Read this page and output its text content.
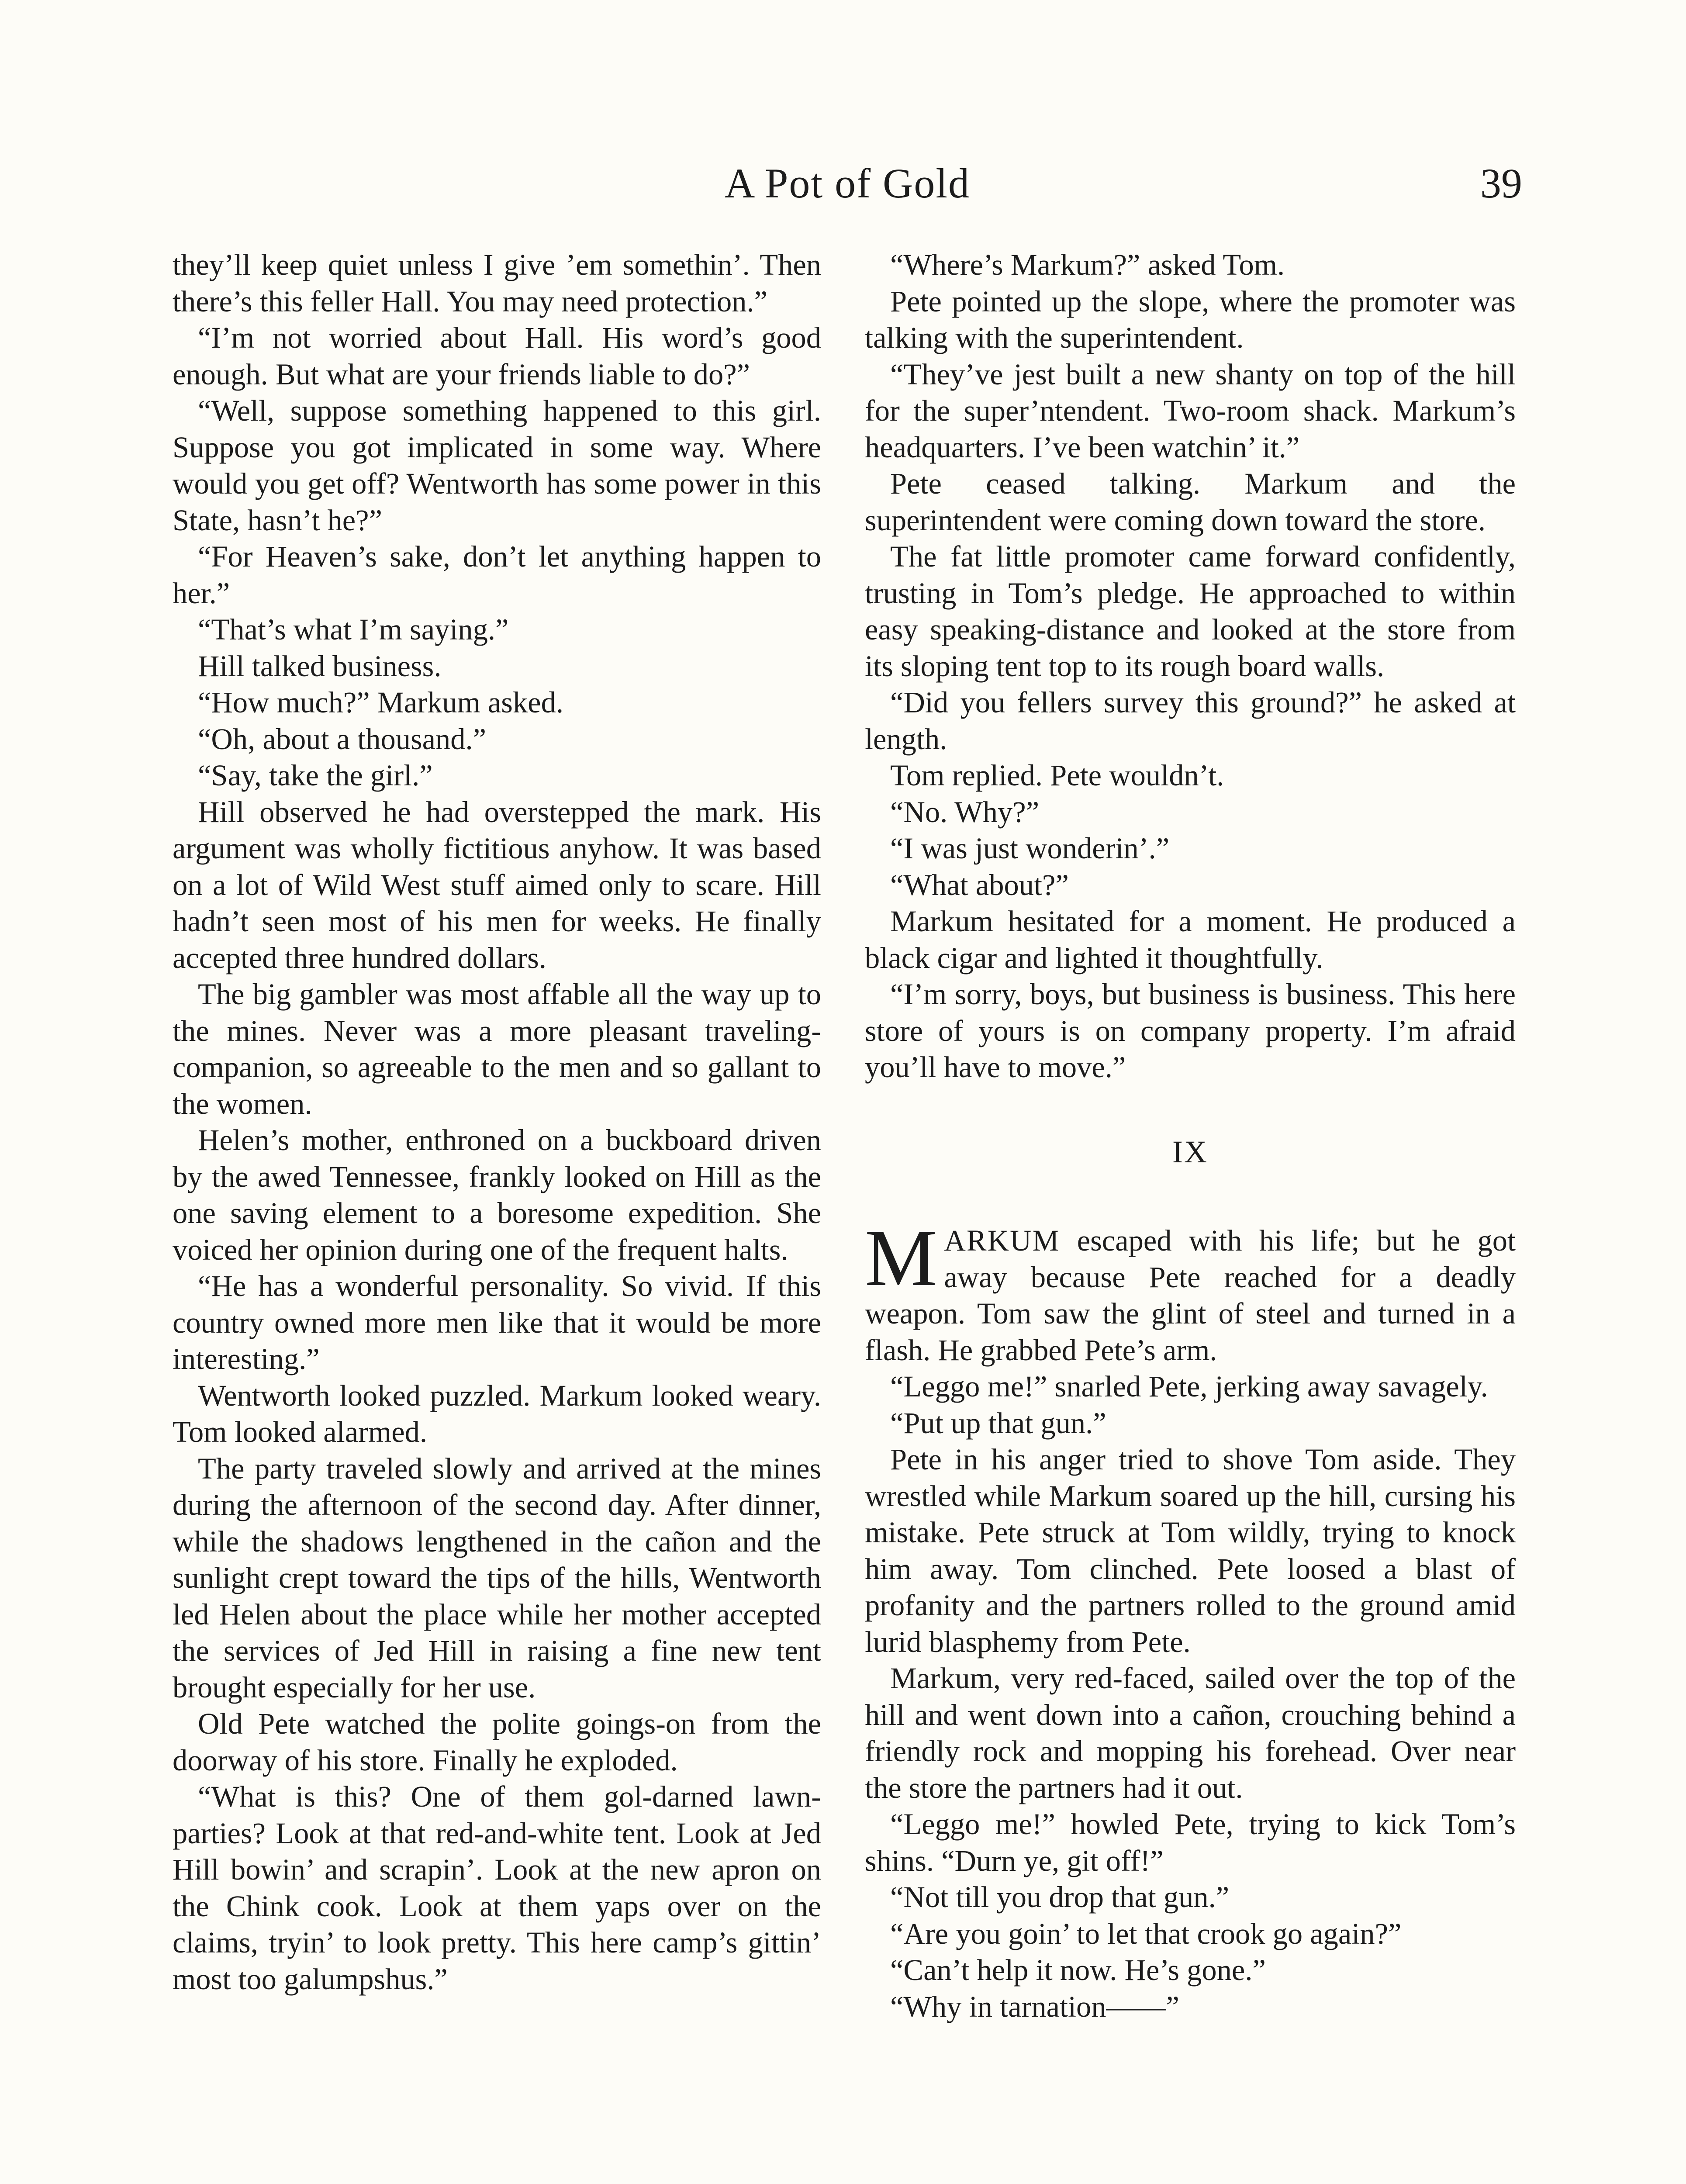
A Pot of Gold	39

they’ll keep quiet unless I give ’em somethin’. Then there’s this feller Hall. You may need protection.”

“I’m not worried about Hall. His word’s good enough. But what are your friends liable to do?”

“Well, suppose something happened to this girl. Suppose you got implicated in some way. Where would you get off? Wentworth has some power in this State, hasn’t he?”

“For Heaven’s sake, don’t let anything happen to her.”

“That’s what I’m saying.”

Hill talked business.

“How much?” Markum asked.

“Oh, about a thousand.”

“Say, take the girl.”

Hill observed he had overstepped the mark. His argument was wholly fictitious anyhow. It was based on a lot of Wild West stuff aimed only to scare. Hill hadn’t seen most of his men for weeks. He finally accepted three hundred dollars.

The big gambler was most affable all the way up to the mines. Never was a more pleasant traveling-companion, so agreeable to the men and so gallant to the women.

Helen’s mother, enthroned on a buckboard driven by the awed Tennessee, frankly looked on Hill as the one saving element to a boresome expedition. She voiced her opinion during one of the frequent halts.

“He has a wonderful personality. So vivid. If this country owned more men like that it would be more interesting.”

Wentworth looked puzzled. Markum looked weary. Tom looked alarmed.

The party traveled slowly and arrived at the mines during the afternoon of the second day. After dinner, while the shadows lengthened in the cañon and the sunlight crept toward the tips of the hills, Wentworth led Helen about the place while her mother accepted the services of Jed Hill in raising a fine new tent brought especially for her use.

Old Pete watched the polite goings-on from the doorway of his store. Finally he exploded.

“What is this? One of them gol-darned lawn-parties? Look at that red-and-white tent. Look at Jed Hill bowin’ and scrapin’. Look at the new apron on the Chink cook. Look at them yaps over on the claims, tryin’ to look pretty. This here camp’s gittin’ most too galumpshus.”

“Where’s Markum?” asked Tom.

Pete pointed up the slope, where the promoter was talking with the superintendent.

“They’ve jest built a new shanty on top of the hill for the super’ntendent. Two-room shack. Markum’s headquarters. I’ve been watchin’ it.”

Pete ceased talking. Markum and the superintendent were coming down toward the store.

The fat little promoter came forward confidently, trusting in Tom’s pledge. He approached to within easy speaking-distance and looked at the store from its sloping tent top to its rough board walls.

“Did you fellers survey this ground?” he asked at length.

Tom replied. Pete wouldn’t.

“No. Why?”

“I was just wonderin’.”

“What about?”

Markum hesitated for a moment. He produced a black cigar and lighted it thoughtfully.

“I’m sorry, boys, but business is business. This here store of yours is on company property. I’m afraid you’ll have to move.”

IX

MARKUM escaped with his life; but he got away because Pete reached for a deadly weapon. Tom saw the glint of steel and turned in a flash. He grabbed Pete’s arm.

“Leggo me!” snarled Pete, jerking away savagely.

“Put up that gun.”

Pete in his anger tried to shove Tom aside. They wrestled while Markum soared up the hill, cursing his mistake. Pete struck at Tom wildly, trying to knock him away. Tom clinched. Pete loosed a blast of profanity and the partners rolled to the ground amid lurid blasphemy from Pete.

Markum, very red-faced, sailed over the top of the hill and went down into a cañon, crouching behind a friendly rock and mopping his forehead. Over near the store the partners had it out.

“Leggo me!” howled Pete, trying to kick Tom’s shins. “Durn ye, git off!”

“Not till you drop that gun.”

“Are you goin’ to let that crook go again?”

“Can’t help it now. He’s gone.”

“Why in tarnation——”
